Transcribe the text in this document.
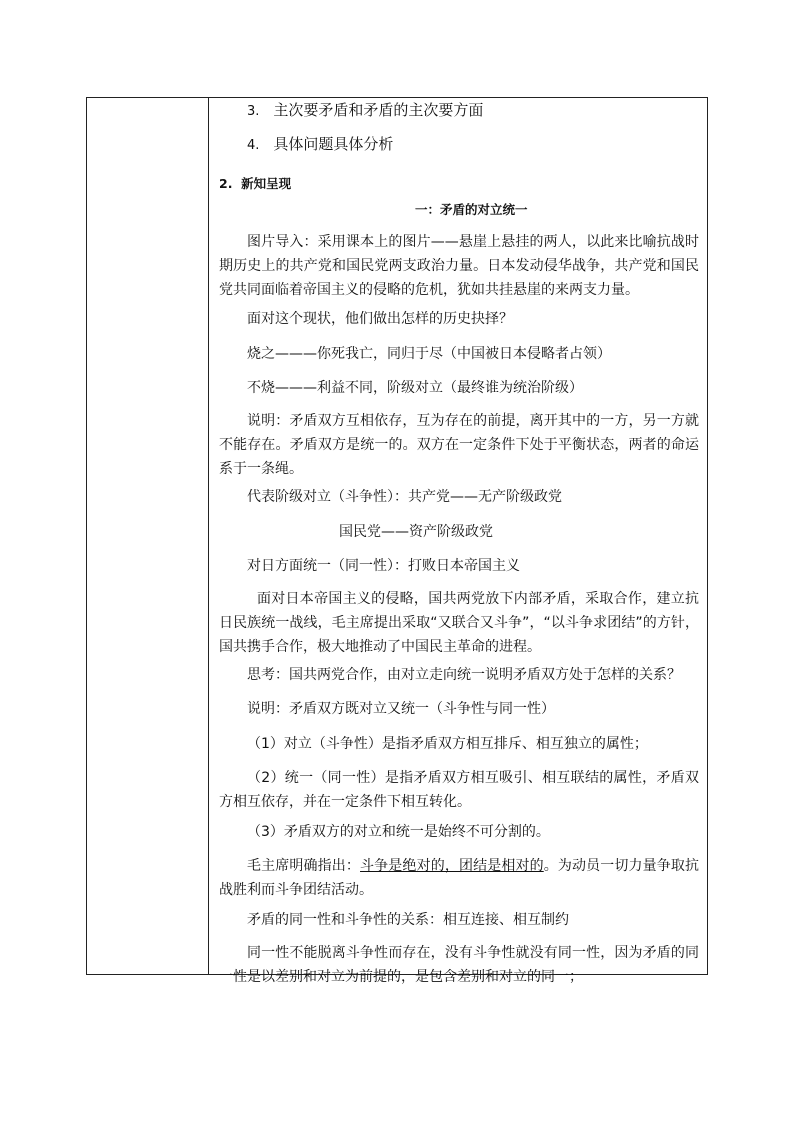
3. 主次要矛盾和矛盾的主次要方面
4. 具体问题具体分析
2. 新知呈现
一：矛盾的对立统一
图片导入：采用课本上的图片——悬崖上悬挂的两人，以此来比喻抗战时期历史上的共产党和国民党两支政治力量。日本发动侵华战争，共产党和国民党共同面临着帝国主义的侵略的危机，犹如共挂悬崖的来两支力量。
面对这个现状，他们做出怎样的历史抉择？
烧之———你死我亡，同归于尽（中国被日本侵略者占领）
不烧———利益不同，阶级对立（最终谁为统治阶级）
说明：矛盾双方互相依存，互为存在的前提，离开其中的一方，另一方就不能存在。矛盾双方是统一的。双方在一定条件下处于平衡状态，两者的命运系于一条绳。
代表阶级对立（斗争性）：共产党——无产阶级政党
国民党——资产阶级政党
对日方面统一（同一性）：打败日本帝国主义
面对日本帝国主义的侵略，国共两党放下内部矛盾，采取合作，建立抗日民族统一战线，毛主席提出采取“又联合又斗争”，“以斗争求团结”的方针，国共携手合作，极大地推动了中国民主革命的进程。
思考：国共两党合作，由对立走向统一说明矛盾双方处于怎样的关系？
说明：矛盾双方既对立又统一（斗争性与同一性）
（1）对立（斗争性）是指矛盾双方相互排斥、相互独立的属性；
（2）统一（同一性）是指矛盾双方相互吸引、相互联结的属性，矛盾双方相互依存，并在一定条件下相互转化。
（3）矛盾双方的对立和统一是始终不可分割的。
毛主席明确指出：斗争是绝对的，团结是相对的。为动员一切力量争取抗战胜利而斗争团结活动。
矛盾的同一性和斗争性的关系：相互连接、相互制约
同一性不能脱离斗争性而存在，没有斗争性就没有同一性，因为矛盾的同一性是以差别和对立为前提的，是包含差别和对立的同一；
